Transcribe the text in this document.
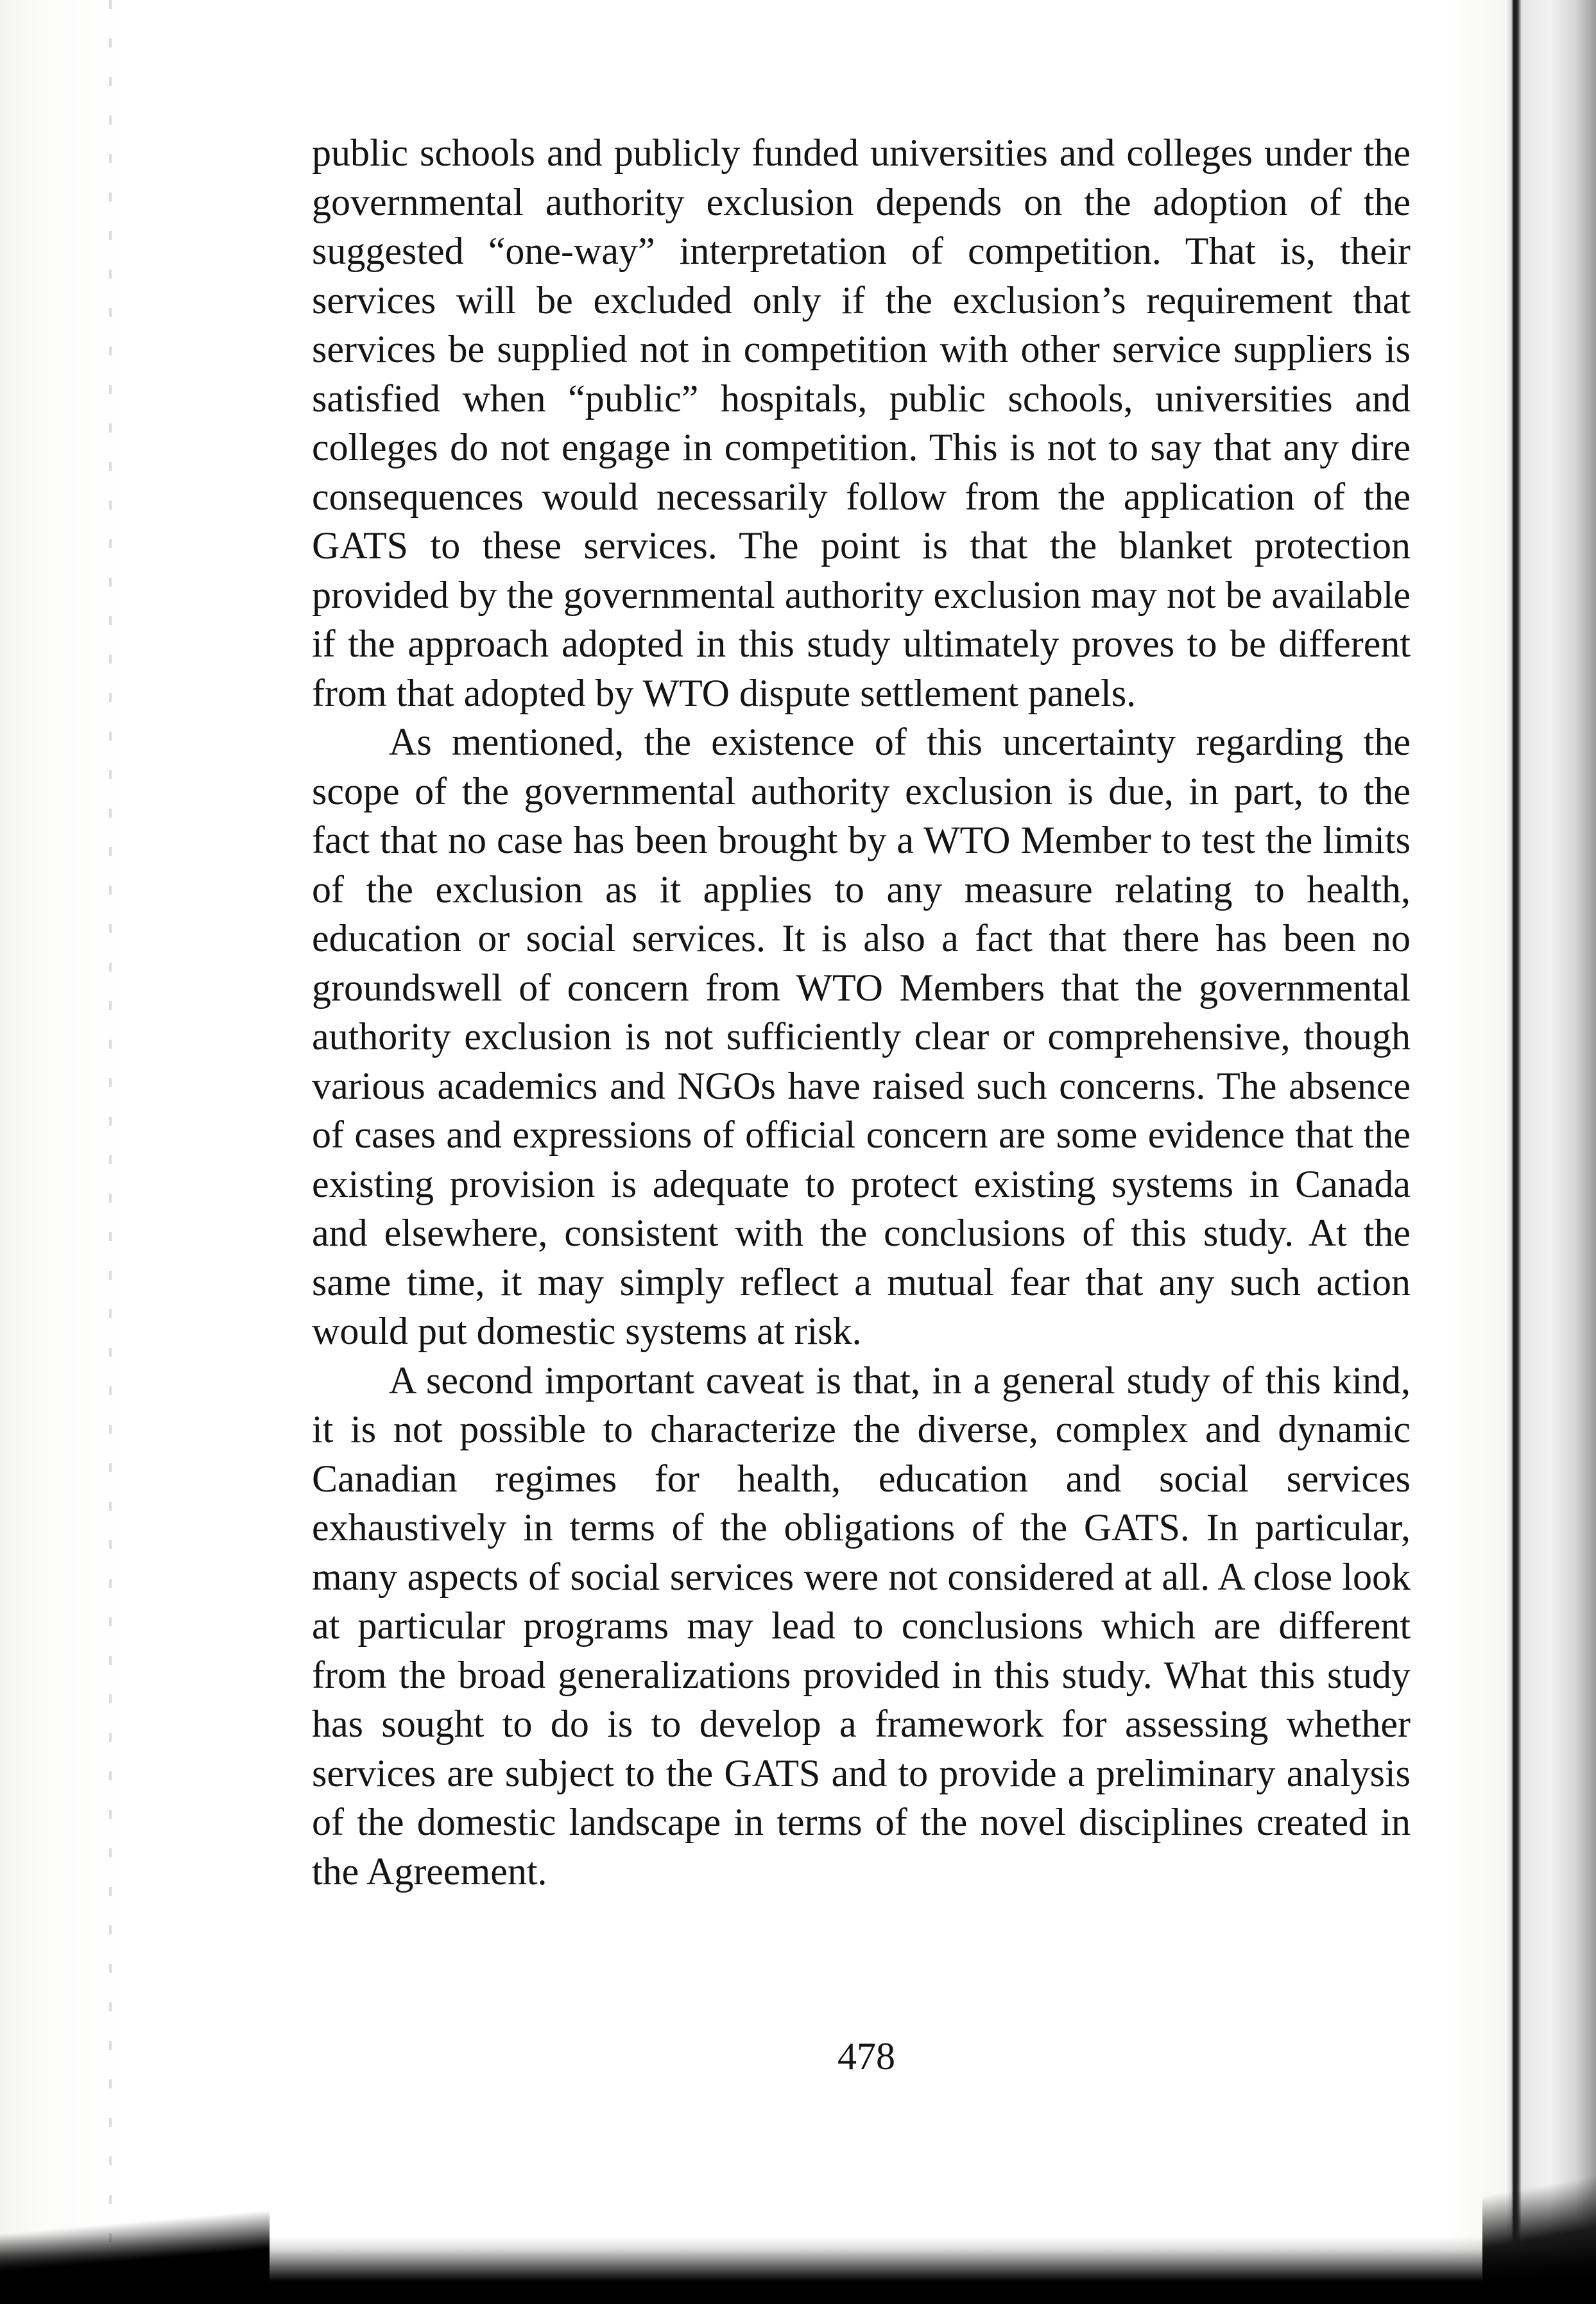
public schools and publicly funded universities and colleges under the governmental authority exclusion depends on the adoption of the suggested “one-way” interpretation of competition. That is, their services will be excluded only if the exclusion’s requirement that services be supplied not in competition with other service suppliers is satisfied when “public” hospitals, public schools, universities and colleges do not engage in competition. This is not to say that any dire consequences would necessarily follow from the application of the GATS to these services. The point is that the blanket protection provided by the governmental authority exclusion may not be available if the approach adopted in this study ultimately proves to be different from that adopted by WTO dispute settlement panels.

As mentioned, the existence of this uncertainty regarding the scope of the governmental authority exclusion is due, in part, to the fact that no case has been brought by a WTO Member to test the limits of the exclusion as it applies to any measure relating to health, education or social services. It is also a fact that there has been no groundswell of concern from WTO Members that the governmental authority exclusion is not sufficiently clear or comprehensive, though various academics and NGOs have raised such concerns. The absence of cases and expressions of official concern are some evidence that the existing provision is adequate to protect existing systems in Canada and elsewhere, consistent with the conclusions of this study. At the same time, it may simply reflect a mutual fear that any such action would put domestic systems at risk.

A second important caveat is that, in a general study of this kind, it is not possible to characterize the diverse, complex and dynamic Canadian regimes for health, education and social services exhaustively in terms of the obligations of the GATS. In particular, many aspects of social services were not considered at all. A close look at particular programs may lead to conclusions which are different from the broad generalizations provided in this study. What this study has sought to do is to develop a framework for assessing whether services are subject to the GATS and to provide a preliminary analysis of the domestic landscape in terms of the novel disciplines created in the Agreement.

478
